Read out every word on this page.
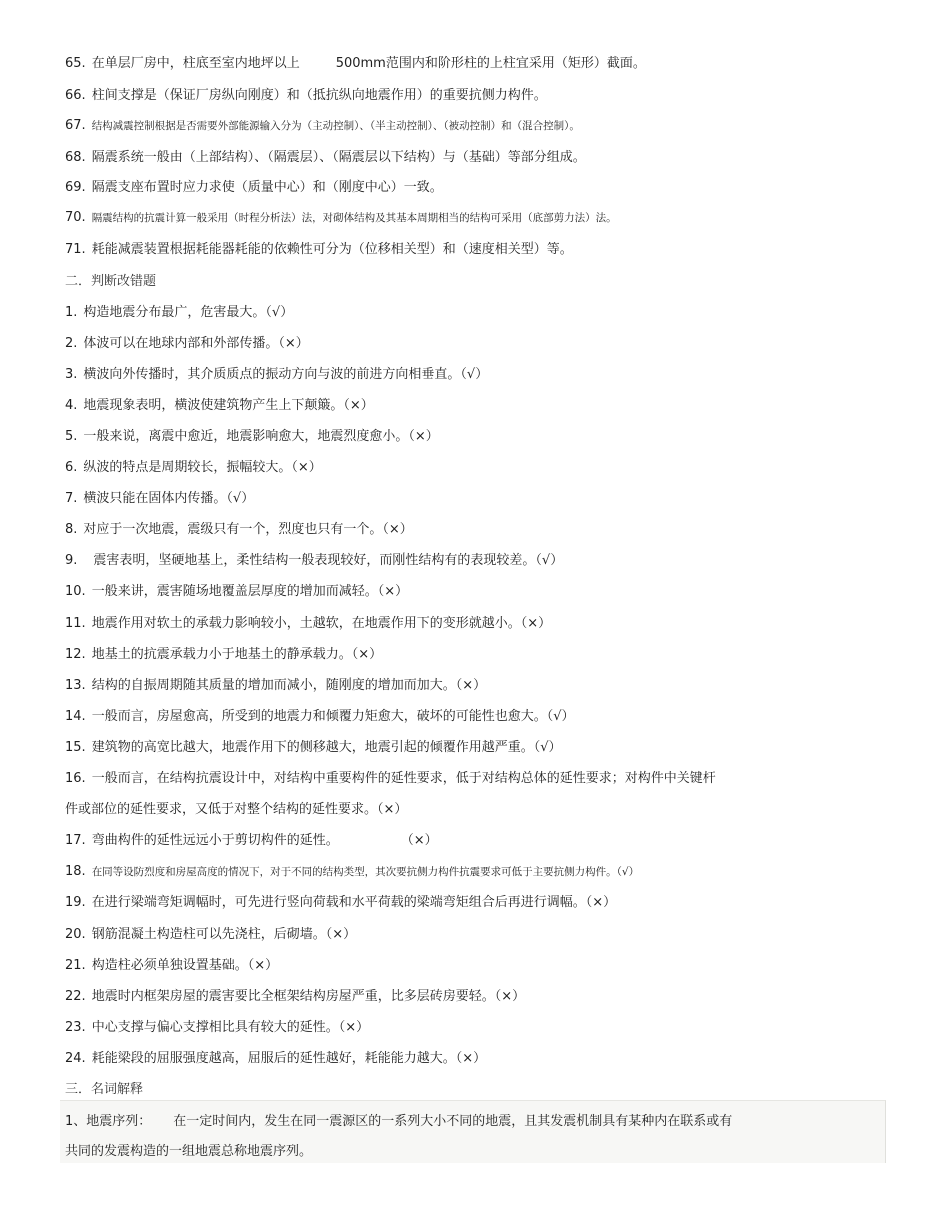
65. 在单层厂房中，柱底至室内地坪以上	500mm范围内和阶形柱的上柱宜采用（矩形）截面。
66. 柱间支撑是（保证厂房纵向刚度）和（抵抗纵向地震作用）的重要抗侧力构件。
67. 结构减震控制根据是否需要外部能源输入分为（主动控制）、（半主动控制）、（被动控制）和（混合控制）。
68. 隔震系统一般由（上部结构）、（隔震层）、（隔震层以下结构）与（基础）等部分组成。
69. 隔震支座布置时应力求使（质量中心）和（刚度中心）一致。
70. 隔震结构的抗震计算一般采用（时程分析法）法，对砌体结构及其基本周期相当的结构可采用（底部剪力法）法。
71. 耗能减震装置根据耗能器耗能的依赖性可分为（位移相关型）和（速度相关型）等。
二．判断改错题
1. 构造地震分布最广，危害最大。（√）
2. 体波可以在地球内部和外部传播。（×）
3. 横波向外传播时，其介质质点的振动方向与波的前进方向相垂直。（√）
4. 地震现象表明，横波使建筑物产生上下颠簸。（×）
5. 一般来说，离震中愈近，地震影响愈大，地震烈度愈小。（×）
6. 纵波的特点是周期较长，振幅较大。（×）
7. 横波只能在固体内传播。（√）
8. 对应于一次地震，震级只有一个，烈度也只有一个。（×）
9. 震害表明，坚硬地基上，柔性结构一般表现较好，而刚性结构有的表现较差。（√）
10. 一般来讲，震害随场地覆盖层厚度的增加而减轻。（×）
11. 地震作用对软土的承载力影响较小，土越软，在地震作用下的变形就越小。（×）
12. 地基土的抗震承载力小于地基土的静承载力。（×）
13. 结构的自振周期随其质量的增加而减小，随刚度的增加而加大。（×）
14. 一般而言，房屋愈高，所受到的地震力和倾覆力矩愈大，破坏的可能性也愈大。（√）
15. 建筑物的高宽比越大，地震作用下的侧移越大，地震引起的倾覆作用越严重。（√）
16. 一般而言，在结构抗震设计中，对结构中重要构件的延性要求，低于对结构总体的延性要求；对构件中关键杆
件或部位的延性要求，又低于对整个结构的延性要求。（×）
17. 弯曲构件的延性远远小于剪切构件的延性。	（×）
18. 在同等设防烈度和房屋高度的情况下，对于不同的结构类型，其次要抗侧力构件抗震要求可低于主要抗侧力构件。（√）
19. 在进行梁端弯矩调幅时，可先进行竖向荷载和水平荷载的梁端弯矩组合后再进行调幅。（×）
20. 钢筋混凝土构造柱可以先浇柱，后砌墙。（×）
21. 构造柱必须单独设置基础。（×）
22. 地震时内框架房屋的震害要比全框架结构房屋严重，比多层砖房要轻。（×）
23. 中心支撑与偏心支撑相比具有较大的延性。（×）
24. 耗能梁段的屈服强度越高，屈服后的延性越好，耗能能力越大。（×）
三．名词解释
1、地震序列： 在一定时间内，发生在同一震源区的一系列大小不同的地震，且其发震机制具有某种内在联系或有
共同的发震构造的一组地震总称地震序列。
